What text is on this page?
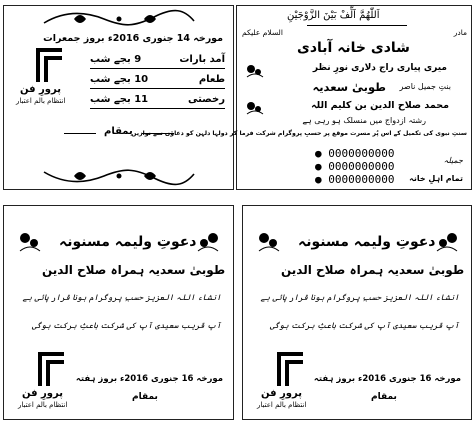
مورخہ 14 جنوری 2016ء بروز جمعرات
پرورِ فن
انتظام بالم اعتبار
آمد بارات
9 بجے شب
طعام
10 بجے شب
رخصتی
11 بجے شب
بمقام
اَللّٰھُمَّ اَلِّفْ بَیْنَ الزَّوْجَیْنِ
السلام علیکم	مادر
شادی خانہ آبادی
میری پیاری راج دلاری نورِ نظر
طوبیٰ سعدیہ بنتِ جمیل ناصر
محمد صلاح الدین بن کلیم اللہ
رشتہ ازدواج میں منسلک ہو رہی ہے
سنتِ نبوی کی تکمیل کے اس پُر مسرت موقع پر حسبِ پروگرام شرکت فرما کر دولہا دلہن کو دعاؤں سے نوازیں
● 0000000000
● 0000000000
● 0000000000
جمیلہ
تمام اہلِ خانہ
دعوتِ ولیمہ مسنونہ
طوبیٰ سعدیہ ہمراہ صلاح الدین
انشاء اللہ العزیز حسبِ پروگرام ہونا قرار پائی ہے
آپ قریب سعیدی آپ کی شرکت باعثِ برکت ہوگی
پرورِ فن
انتظام بالم اعتبار
مورخہ 16 جنوری 2016ء بروز ہفتہ
بمقام
دعوتِ ولیمہ مسنونہ
طوبیٰ سعدیہ ہمراہ صلاح الدین
انشاء اللہ العزیز حسبِ پروگرام ہونا قرار پائی ہے
آپ قریب سعیدی آپ کی شرکت باعثِ برکت ہوگی
پرورِ فن
انتظام بالم اعتبار
مورخہ 16 جنوری 2016ء بروز ہفتہ
بمقام
